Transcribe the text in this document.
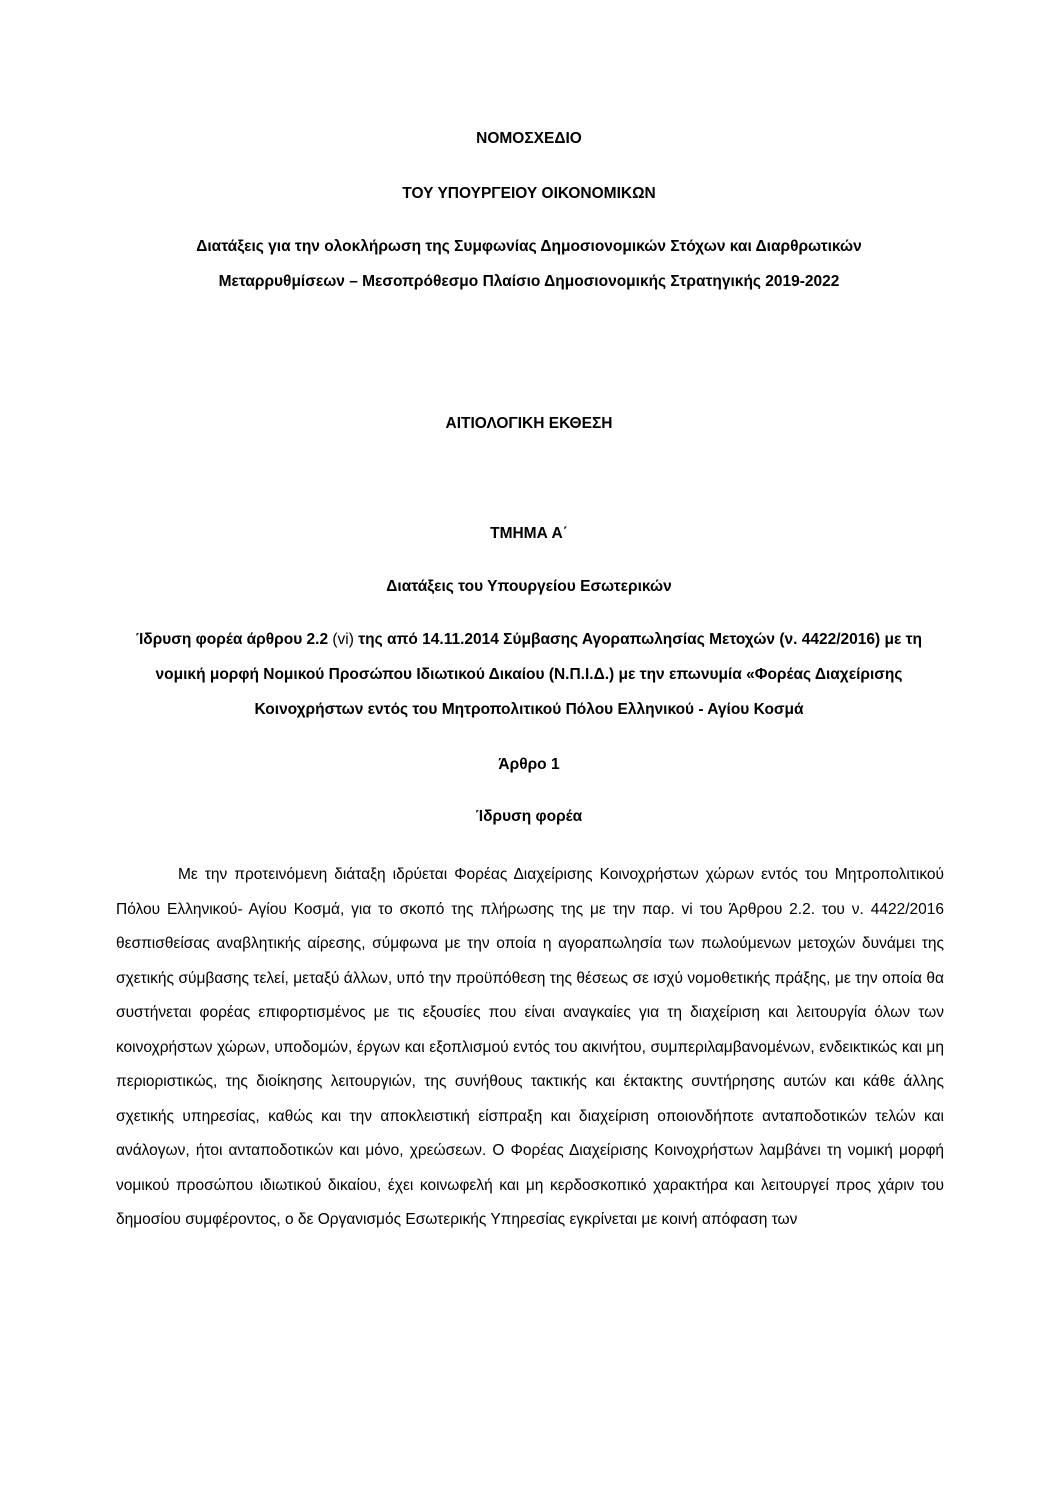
ΝΟΜΟΣΧΕΔΙΟ
ΤΟΥ ΥΠΟΥΡΓΕΙΟΥ ΟΙΚΟΝΟΜΙΚΩΝ
Διατάξεις για την ολοκλήρωση της Συμφωνίας Δημοσιονομικών Στόχων και Διαρθρωτικών
Μεταρρυθμίσεων – Μεσοπρόθεσμο Πλαίσιο Δημοσιονομικής Στρατηγικής 2019-2022
ΑΙΤΙΟΛΟΓΙΚΗ ΕΚΘΕΣΗ
ΤΜΗΜΑ Α΄
Διατάξεις του Υπουργείου Εσωτερικών
Ίδρυση φορέα άρθρου 2.2 (vi) της από 14.11.2014 Σύμβασης Αγοραπωλησίας Μετοχών (ν. 4422/2016) με τη
νομική μορφή Νομικού Προσώπου Ιδιωτικού Δικαίου (Ν.Π.Ι.Δ.) με την επωνυμία «Φορέας Διαχείρισης
Κοινοχρήστων εντός του Μητροπολιτικού Πόλου Ελληνικού - Αγίου Κοσμά
Άρθρο 1
Ίδρυση φορέα

Με την προτεινόμενη διάταξη ιδρύεται Φορέας Διαχείρισης Κοινοχρήστων χώρων εντός του Μητροπολιτικού Πόλου Ελληνικού- Αγίου Κοσμά, για το σκοπό της πλήρωσης της με την παρ. vi του Άρθρου 2.2. του ν. 4422/2016 θεσπισθείσας αναβλητικής αίρεσης, σύμφωνα με την οποία η αγοραπωλησία των πωλούμενων μετοχών δυνάμει της σχετικής σύμβασης τελεί, μεταξύ άλλων, υπό την προϋπόθεση της θέσεως σε ισχύ νομοθετικής πράξης, με την οποία θα συστήνεται φορέας επιφορτισμένος με τις εξουσίες που είναι αναγκαίες για τη διαχείριση και λειτουργία όλων των κοινοχρήστων χώρων, υποδομών, έργων και εξοπλισμού εντός του ακινήτου, συμπεριλαμβανομένων, ενδεικτικώς και μη περιοριστικώς, της διοίκησης λειτουργιών, της συνήθους τακτικής και έκτακτης συντήρησης αυτών και κάθε άλλης σχετικής υπηρεσίας, καθώς και την αποκλειστική είσπραξη και διαχείριση οποιονδήποτε ανταποδοτικών τελών και ανάλογων, ήτοι ανταποδοτικών και μόνο, χρεώσεων. Ο Φορέας Διαχείρισης Κοινοχρήστων λαμβάνει τη νομική μορφή νομικού προσώπου ιδιωτικού δικαίου, έχει κοινωφελή και μη κερδοσκοπικό χαρακτήρα και λειτουργεί προς χάριν του δημοσίου συμφέροντος, ο δε Οργανισμός Εσωτερικής Υπηρεσίας εγκρίνεται με κοινή απόφαση των
